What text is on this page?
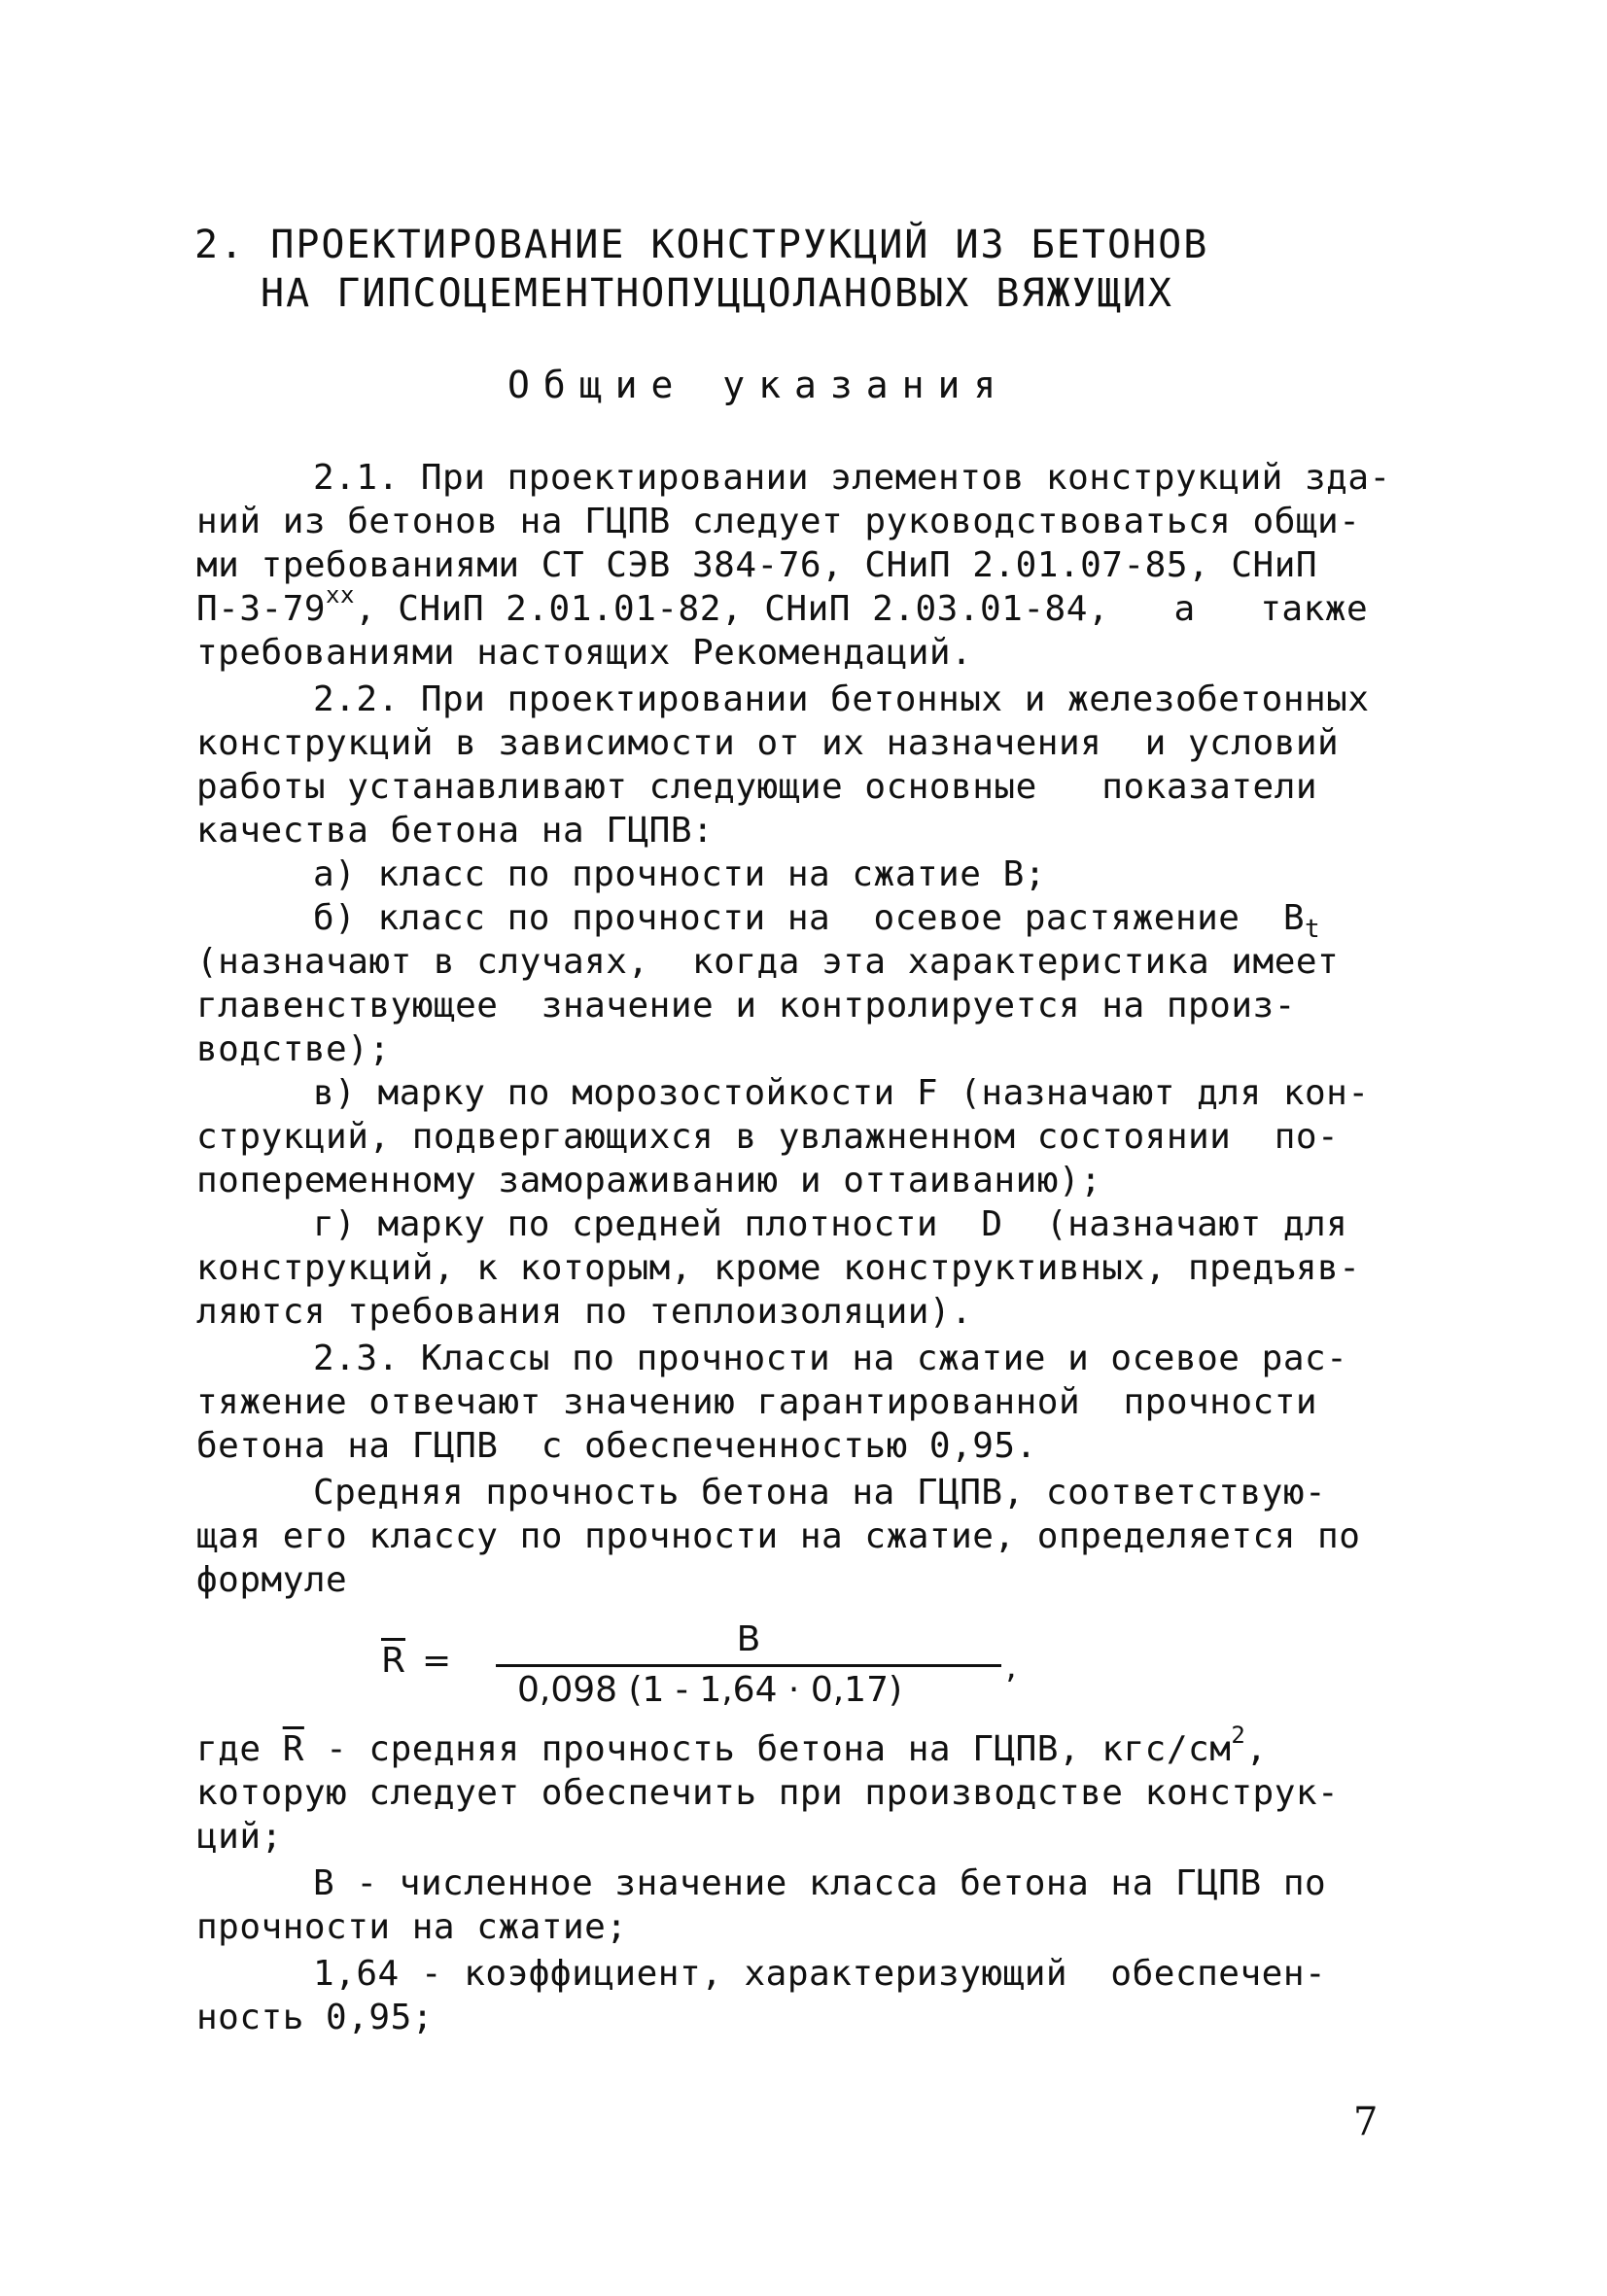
2. ПРОЕКТИРОВАНИЕ КОНСТРУКЦИЙ ИЗ БЕТОНОВ
НА ГИПСОЦЕМЕНТНОПУЦЦОЛАНОВЫХ ВЯЖУЩИХ
Общие указания
2.1. При проектировании элементов конструкций зда-
ний из бетонов на ГЦПВ следует руководствоваться общи-
ми требованиями СТ СЭВ 384-76, СНиП 2.01.07-85, СНиП
$П-3-79^{хх}$, СНиП 2.01.01-82, СНиП 2.03.01-84,   а   также
требованиями настоящих Рекомендаций.
2.2. При проектировании бетонных и железобетонных
конструкций в зависимости от их назначения  и условий
работы устанавливают следующие основные   показатели
качества бетона на ГЦПВ:
а) класс по прочности на сжатие В;
б) класс по прочности на  осевое растяжение  $В_t$
(назначают в случаях,  когда эта характеристика имеет
главенствующее  значение и контролируется на произ-
водстве);
в) марку по морозостойкости F (назначают для кон-
струкций, подвергающихся в увлажненном состоянии  по-
попеременному замораживанию и оттаиванию);
г) марку по средней плотности  D  (назначают для
конструкций, к которым, кроме конструктивных, предъяв-
ляются требования по теплоизоляции).
2.3. Классы по прочности на сжатие и осевое рас-
тяжение отвечают значению гарантированной  прочности
бетона на ГЦПВ  с обеспеченностью 0,95.
Средняя прочность бетона на ГЦПВ, соответствую-
щая его классу по прочности на сжатие, определяется по
формуле
$\overline{R}$ =
В
0,098 (1 - 1,64 · 0,17)	’
где $\overline{R}$ - средняя прочность бетона на ГЦПВ, кгс/$см^2$,
которую следует обеспечить при производстве конструк-
ций;
В - численное значение класса бетона на ГЦПВ по
прочности на сжатие;
1,64 - коэффициент, характеризующий  обеспечен-
ность 0,95;
7
